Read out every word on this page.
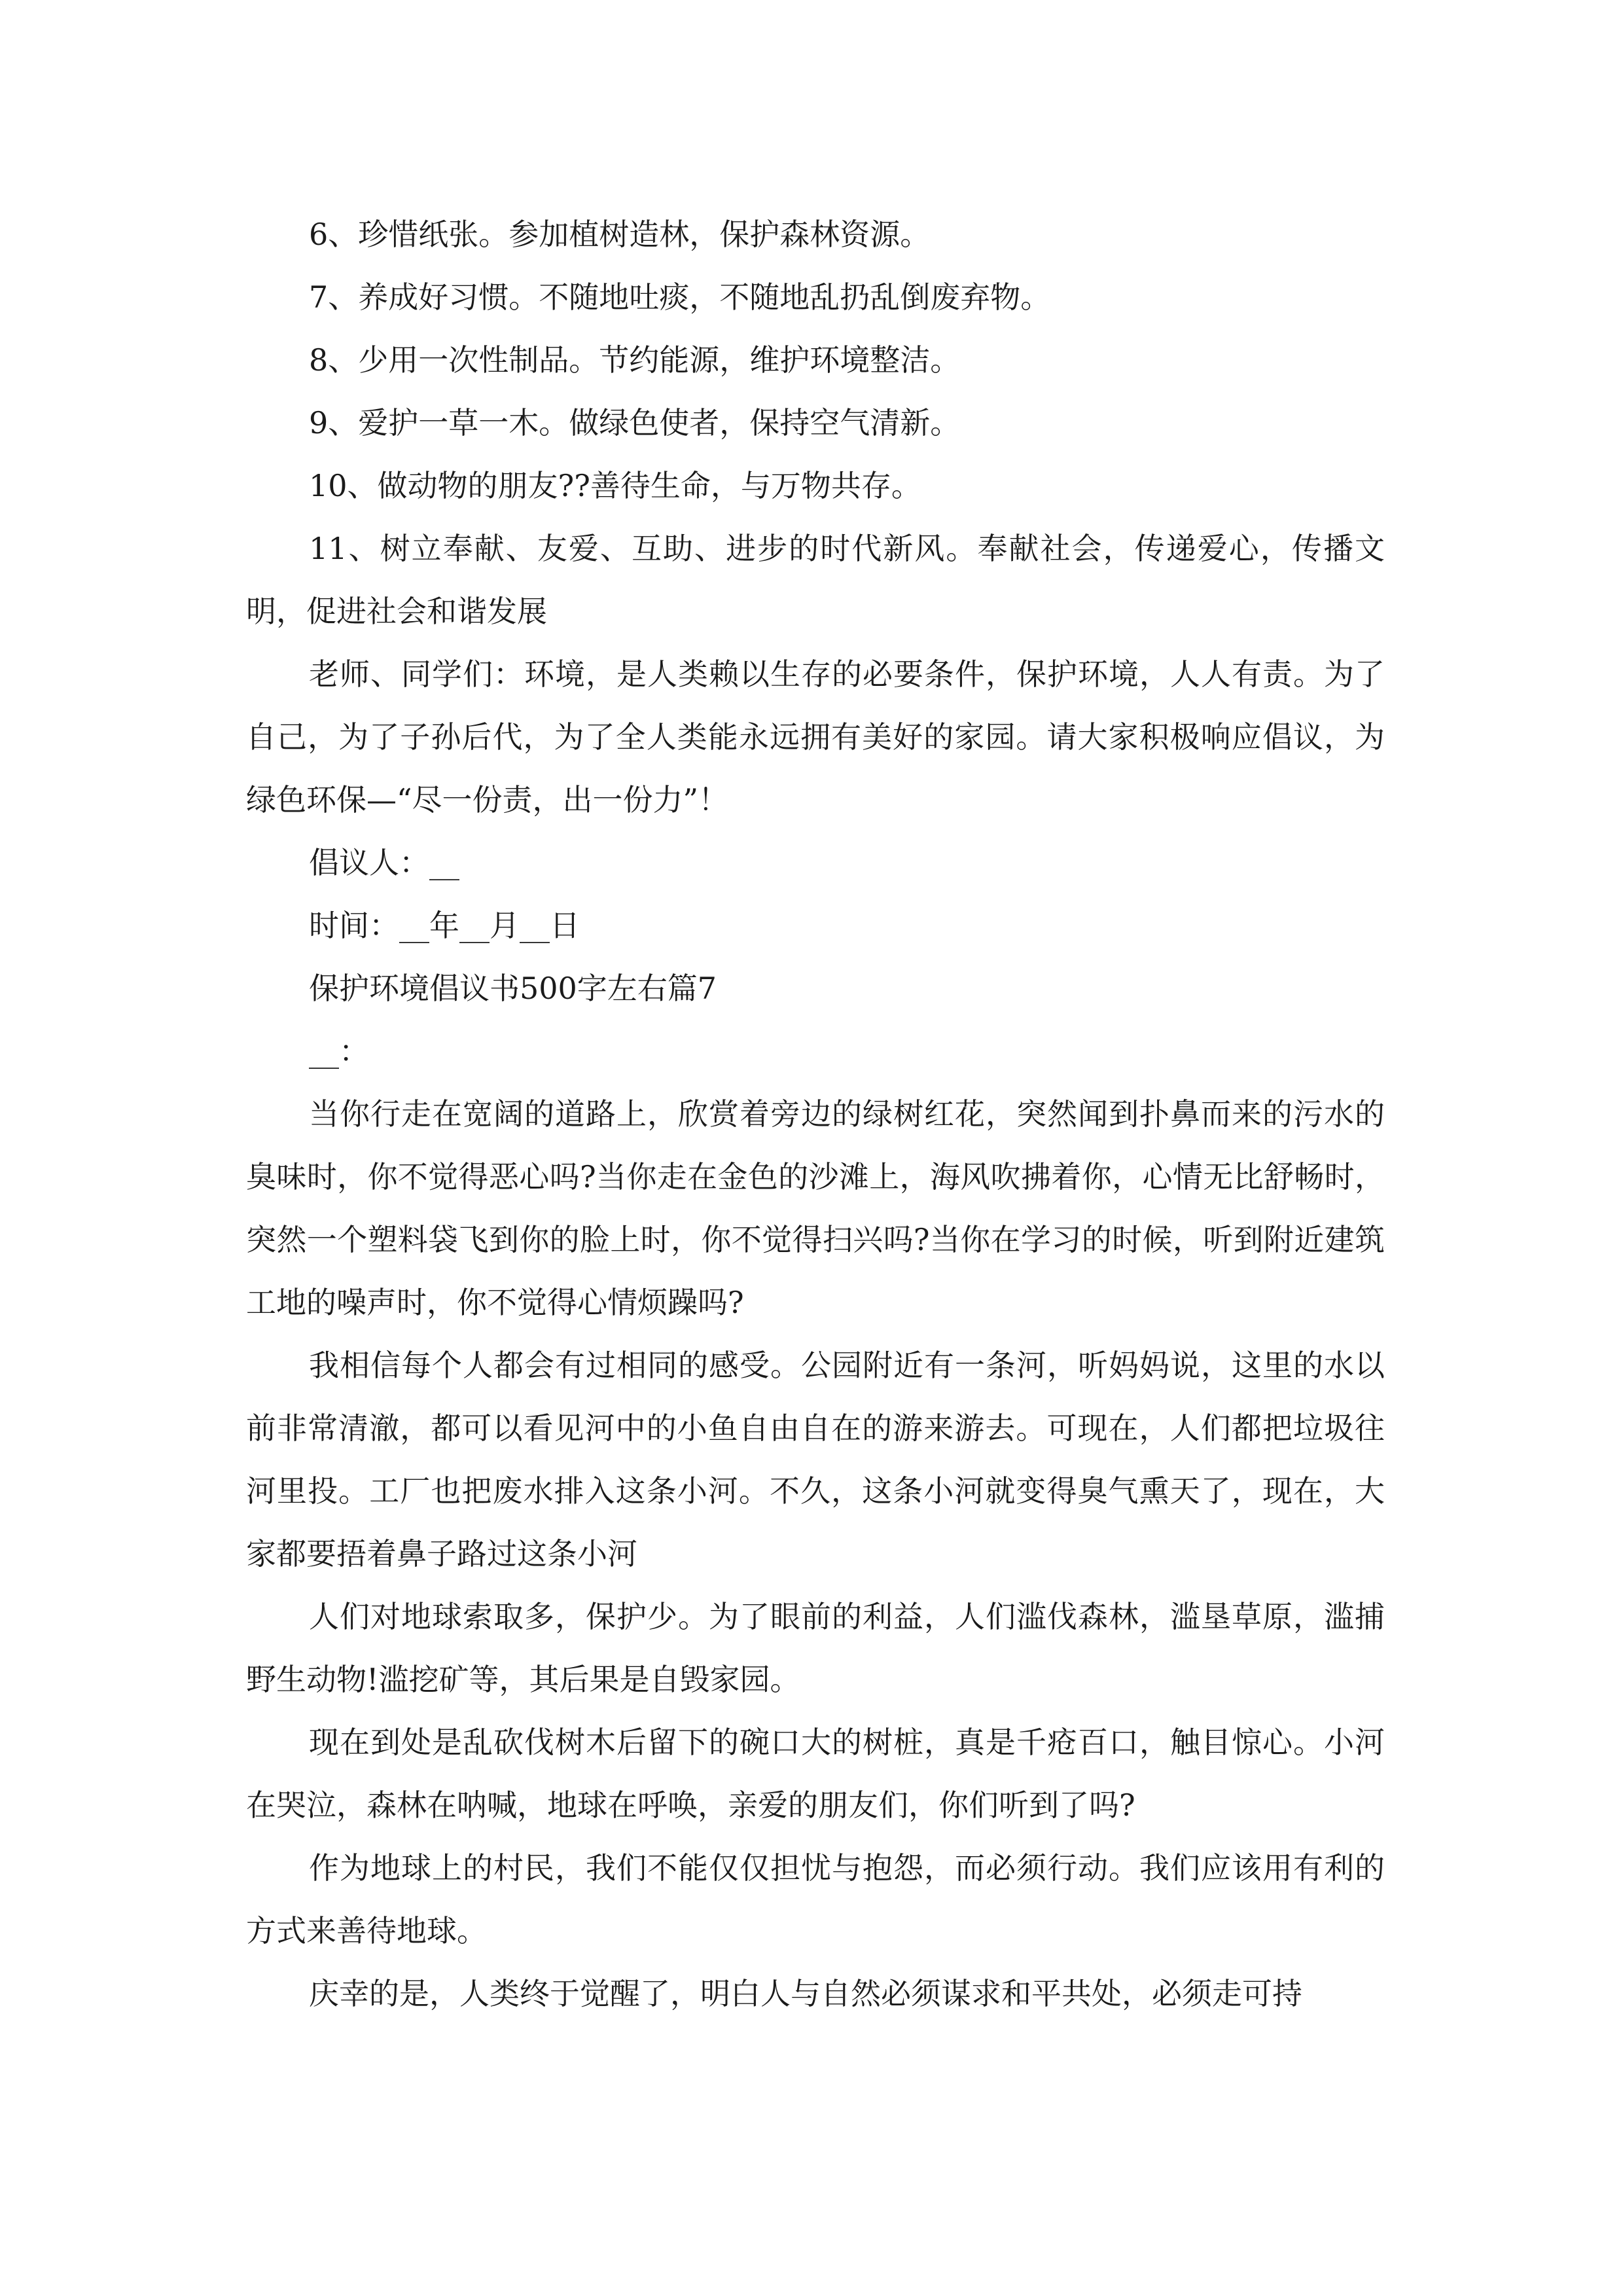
6、珍惜纸张。参加植树造林，保护森林资源。

7、养成好习惯。不随地吐痰，不随地乱扔乱倒废弃物。

8、少用一次性制品。节约能源，维护环境整洁。

9、爱护一草一木。做绿色使者，保持空气清新。

10、做动物的朋友??善待生命，与万物共存。

11、树立奉献、友爱、互助、进步的时代新风。奉献社会，传递爱心，传播文明，促进社会和谐发展

老师、同学们：环境，是人类赖以生存的必要条件，保护环境，人人有责。为了自己，为了子孙后代，为了全人类能永远拥有美好的家园。请大家积极响应倡议，为绿色环保—“尽一份责，出一份力”！

倡议人：__

时间：__年__月__日

保护环境倡议书500字左右篇7

__：

当你行走在宽阔的道路上，欣赏着旁边的绿树红花，突然闻到扑鼻而来的污水的臭味时，你不觉得恶心吗?当你走在金色的沙滩上，海风吹拂着你，心情无比舒畅时，突然一个塑料袋飞到你的脸上时，你不觉得扫兴吗?当你在学习的时候，听到附近建筑工地的噪声时，你不觉得心情烦躁吗?

我相信每个人都会有过相同的感受。公园附近有一条河，听妈妈说，这里的水以前非常清澈，都可以看见河中的小鱼自由自在的游来游去。可现在，人们都把垃圾往河里投。工厂也把废水排入这条小河。不久，这条小河就变得臭气熏天了，现在，大家都要捂着鼻子路过这条小河

人们对地球索取多，保护少。为了眼前的利益，人们滥伐森林，滥垦草原，滥捕野生动物!滥挖矿等，其后果是自毁家园。

现在到处是乱砍伐树木后留下的碗口大的树桩，真是千疮百口，触目惊心。小河在哭泣，森林在呐喊，地球在呼唤，亲爱的朋友们，你们听到了吗?

作为地球上的村民，我们不能仅仅担忧与抱怨，而必须行动。我们应该用有利的方式来善待地球。

庆幸的是，人类终于觉醒了，明白人与自然必须谋求和平共处，必须走可持
